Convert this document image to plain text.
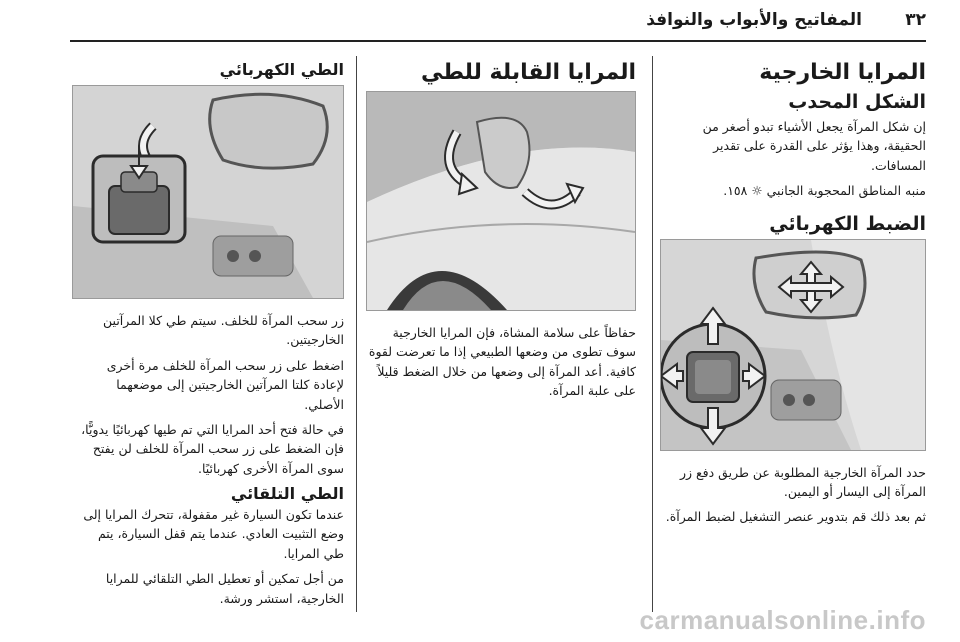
٣٢
المفاتيح والأبواب والنوافذ
المرايا الخارجية
الشكل المحدب

إن شكل المرآة يجعل الأشياء تبدو أصغر من الحقيقة، وهذا يؤثر على القدرة على تقدير المسافات.

منبه المناطق المحجوبة الجانبي ☼ ١٥٨.

الضبط الكهربائي

حدد المرآة الخارجية المطلوبة عن طريق دفع زر المرآة إلى اليسار أو اليمين.

ثم بعد ذلك قم بتدوير عنصر التشغيل لضبط المرآة.

المرايا القابلة للطي

حفاظاً على سلامة المشاة، فإن المرايا الخارجية سوف تطوى من وضعها الطبيعي إذا ما تعرضت لقوة كافية. أعد المرآة إلى وضعها من خلال الضغط قليلاً على علبة المرآة.

الطي الكهربائي

زر سحب المرآة للخلف. سيتم طي كلا المرآتين الخارجيتين.

اضغط على زر سحب المرآة للخلف مرة أخرى لإعادة كلتا المرآتين الخارجيتين إلى موضعهما الأصلي.

في حالة فتح أحد المرايا التي تم طيها كهربائيًا يدويًّا، فإن الضغط على زر سحب المرآة للخلف لن يفتح سوى المرآة الأخرى كهربائيًا.

الطي التلقائي

عندما تكون السيارة غير مقفولة، تتحرك المرايا إلى وضع التثبيت العادي. عندما يتم قفل السيارة، يتم طي المرايا.

من أجل تمكين أو تعطيل الطي التلقائي للمرايا الخارجية، استشر ورشة.

carmanualsonline.info
